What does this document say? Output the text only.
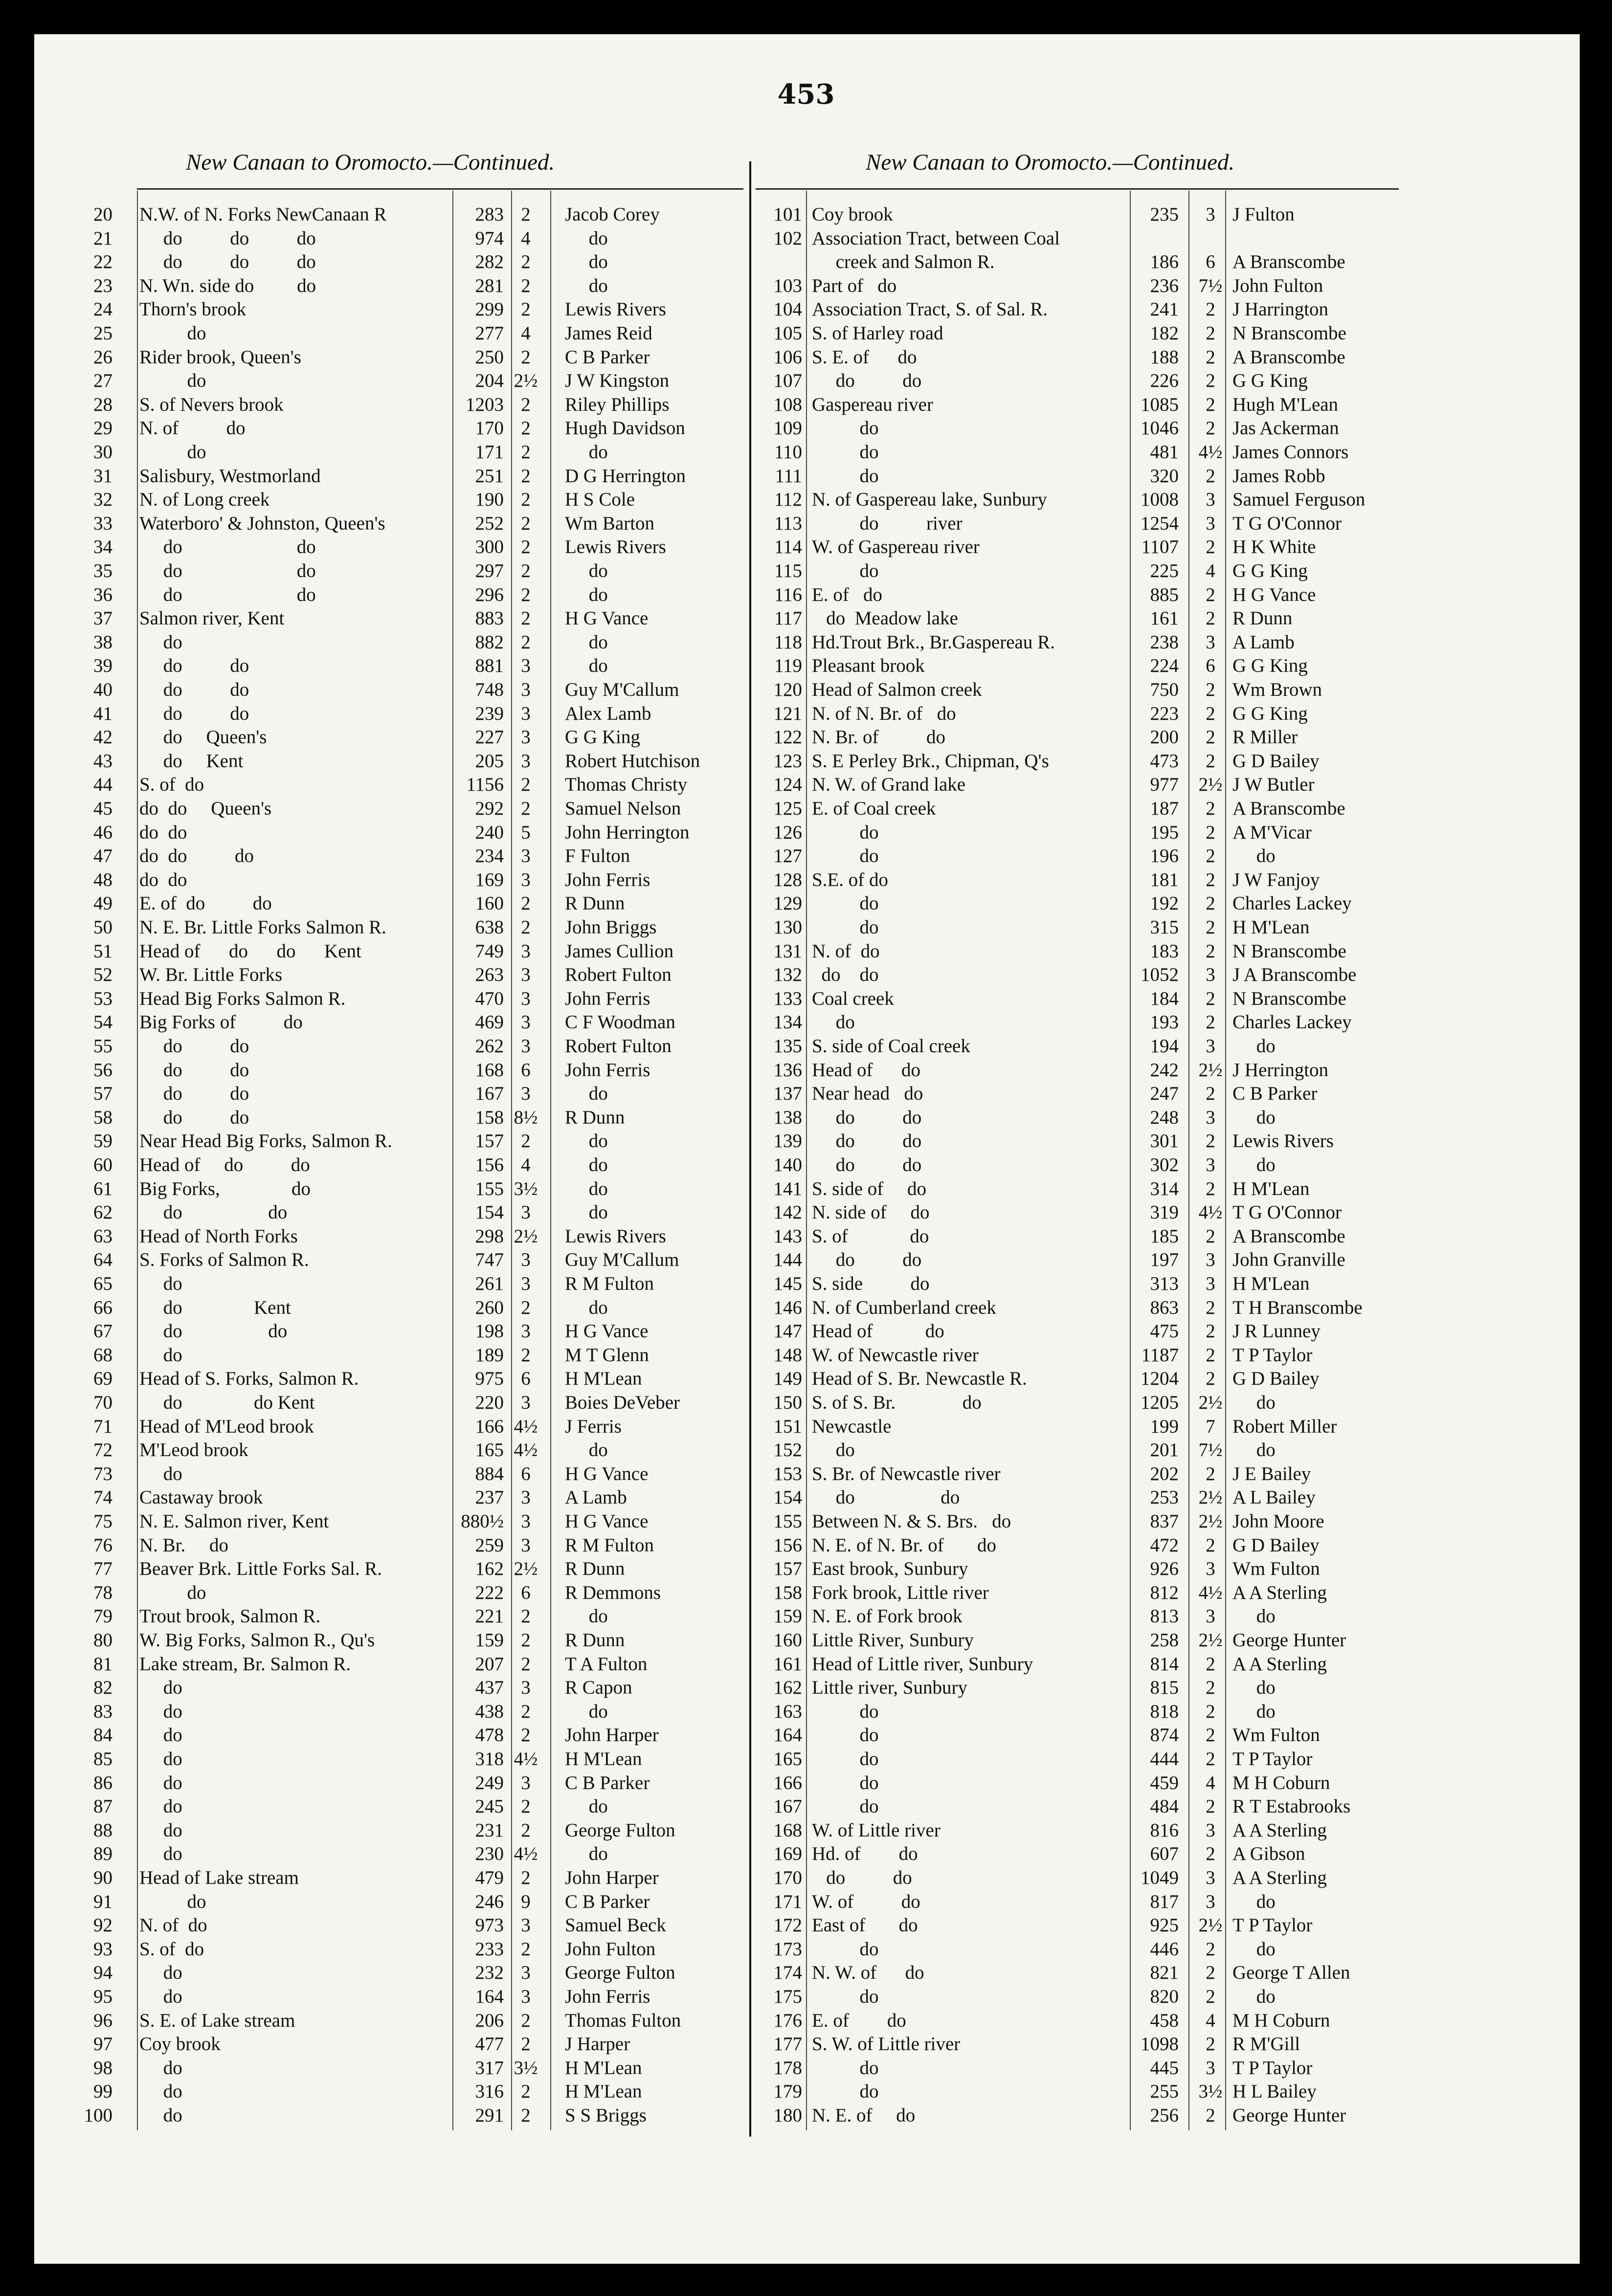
453
New Canaan to Oromocto.—Continued.	New Canaan to Oromocto.—Continued.
20 N.W. of N. Forks NewCanaan R	283 2	Jacob Corey
21 do          do          do	974 4	do
22 do          do          do	282 2	do
23 N. Wn. side do         do	281 2	do
24 Thorn's brook	299 2	Lewis Rivers
25 do	277 4	James Reid
26 Rider brook, Queen's	250 2	C B Parker
27 do	204 2½ J W Kingston
28 S. of Nevers brook	1203 2	Riley Phillips
29 N. of          do	170 2	Hugh Davidson
30 do	171 2	do
31 Salisbury, Westmorland	251 2	D G Herrington
32 N. of Long creek	190 2	H S Cole
33 Waterboro' & Johnston, Queen's	252 2	Wm Barton
34 do                        do	300 2	Lewis Rivers
35 do                        do	297 2	do
36 do                        do	296 2	do
37 Salmon river, Kent	883 2	H G Vance
38 do	882 2	do
39 do          do	881 3	do
40 do          do	748 3	Guy M'Callum
41 do          do	239 3	Alex Lamb
42 do     Queen's	227 3	G G King
43 do     Kent	205 3	Robert Hutchison
44 S. of  do	1156 2	Thomas Christy
45 do  do     Queen's	292 2	Samuel Nelson
46 do  do	240 5	John Herrington
47 do  do          do	234 3	F Fulton
48 do  do	169 3	John Ferris
49 E. of  do          do	160 2	R Dunn
50 N. E. Br. Little Forks Salmon R.	638 2	John Briggs
51 Head of      do      do      Kent	749 3	James Cullion
52 W. Br. Little Forks	263 3	Robert Fulton
53 Head Big Forks Salmon R.	470 3	John Ferris
54 Big Forks of          do	469 3	C F Woodman
55 do          do	262 3	Robert Fulton
56 do          do	168 6	John Ferris
57 do          do	167 3	do
58 do          do	158 8½ R Dunn
59 Near Head Big Forks, Salmon R.	157 2	do
60 Head of     do          do	156 4	do
61 Big Forks,               do	155 3½ do
62 do                  do	154 3	do
63 Head of North Forks	298 2½ Lewis Rivers
64 S. Forks of Salmon R.	747 3	Guy M'Callum
65 do	261 3	R M Fulton
66 do               Kent	260 2	do
67 do                  do	198 3	H G Vance
68 do	189 2	M T Glenn
69 Head of S. Forks, Salmon R.	975 6	H M'Lean
70 do               do Kent	220 3	Boies DeVeber
71 Head of M'Leod brook	166 4½ J Ferris
72 M'Leod brook	165 4½ do
73 do	884 6	H G Vance
74 Castaway brook	237 3	A Lamb
75 N. E. Salmon river, Kent	880½ 3	H G Vance
76 N. Br.     do	259 3	R M Fulton
77 Beaver Brk. Little Forks Sal. R.	162 2½ R Dunn
78 do	222 6	R Demmons
79 Trout brook, Salmon R.	221 2	do
80 W. Big Forks, Salmon R., Qu's	159 2	R Dunn
81 Lake stream, Br. Salmon R.	207 2	T A Fulton
82 do	437 3	R Capon
83 do	438 2	do
84 do	478 2	John Harper
85 do	318 4½ H M'Lean
86 do	249 3	C B Parker
87 do	245 2	do
88 do	231 2	George Fulton
89 do	230 4½ do
90 Head of Lake stream	479 2	John Harper
91 do	246 9	C B Parker
92 N. of  do	973 3	Samuel Beck
93 S. of  do	233 2	John Fulton
94 do	232 3	George Fulton
95 do	164 3	John Ferris
96 S. E. of Lake stream	206 2	Thomas Fulton
97 Coy brook	477 2	J Harper
98 do	317 3½ H M'Lean
99 do	316 2	H M'Lean
100 do	291 2	S S Briggs
101 Coy brook	235	3 J Fulton
102 Association Tract, between Coal
creek and Salmon R.	186	6 A Branscombe
103 Part of   do	236 7½ John Fulton
104 Association Tract, S. of Sal. R.	241	2 J Harrington
105 S. of Harley road	182	2 N Branscombe
106 S. E. of      do	188	2 A Branscombe
107 do          do	226	2 G G King
108 Gaspereau river	1085	2 Hugh M'Lean
109 do	1046	2 Jas Ackerman
110 do	481 4½ James Connors
111 do	320	2 James Robb
112 N. of Gaspereau lake, Sunbury	1008	3 Samuel Ferguson
113 do          river	1254	3 T G O'Connor
114 W. of Gaspereau river	1107	2 H K White
115 do	225	4 G G King
116 E. of   do	885	2 H G Vance
117 do  Meadow lake	161	2 R Dunn
118 Hd.Trout Brk., Br.Gaspereau R.	238	3 A Lamb
119 Pleasant brook	224	6 G G King
120 Head of Salmon creek	750	2 Wm Brown
121 N. of N. Br. of   do	223	2 G G King
122 N. Br. of          do	200	2 R Miller
123 S. E Perley Brk., Chipman, Q's	473	2 G D Bailey
124 N. W. of Grand lake	977 2½ J W Butler
125 E. of Coal creek	187	2 A Branscombe
126 do	195	2 A M'Vicar
127 do	196	2 do
128 S.E. of do	181	2 J W Fanjoy
129 do	192	2 Charles Lackey
130 do	315	2 H M'Lean
131 N. of  do	183	2 N Branscombe
132 do    do	1052	3 J A Branscombe
133 Coal creek	184	2 N Branscombe
134 do	193	2 Charles Lackey
135 S. side of Coal creek	194	3 do
136 Head of      do	242 2½ J Herrington
137 Near head   do	247	2 C B Parker
138 do          do	248	3 do
139 do          do	301	2 Lewis Rivers
140 do          do	302	3 do
141 S. side of     do	314	2 H M'Lean
142 N. side of     do	319 4½ T G O'Connor
143 S. of             do	185	2 A Branscombe
144 do          do	197	3 John Granville
145 S. side          do	313	3 H M'Lean
146 N. of Cumberland creek	863	2 T H Branscombe
147 Head of           do	475	2 J R Lunney
148 W. of Newcastle river	1187	2 T P Taylor
149 Head of S. Br. Newcastle R.	1204	2 G D Bailey
150 S. of S. Br.              do	1205 2½ do
151 Newcastle	199	7 Robert Miller
152 do	201 7½ do
153 S. Br. of Newcastle river	202	2 J E Bailey
154 do                  do	253 2½ A L Bailey
155 Between N. & S. Brs.   do	837 2½ John Moore
156 N. E. of N. Br. of       do	472	2 G D Bailey
157 East brook, Sunbury	926	3 Wm Fulton
158 Fork brook, Little river	812 4½ A A Sterling
159 N. E. of Fork brook	813	3 do
160 Little River, Sunbury	258 2½ George Hunter
161 Head of Little river, Sunbury	814	2 A A Sterling
162 Little river, Sunbury	815	2 do
163 do	818	2 do
164 do	874	2 Wm Fulton
165 do	444	2 T P Taylor
166 do	459	4 M H Coburn
167 do	484	2 R T Estabrooks
168 W. of Little river	816	3 A A Sterling
169 Hd. of        do	607	2 A Gibson
170 do          do	1049	3 A A Sterling
171 W. of          do	817	3 do
172 East of       do	925 2½ T P Taylor
173 do	446	2 do
174 N. W. of      do	821	2 George T Allen
175 do	820	2 do
176 E. of        do	458	4 M H Coburn
177 S. W. of Little river	1098	2 R M'Gill
178 do	445	3 T P Taylor
179 do	255 3½ H L Bailey
180 N. E. of     do	256	2 George Hunter
